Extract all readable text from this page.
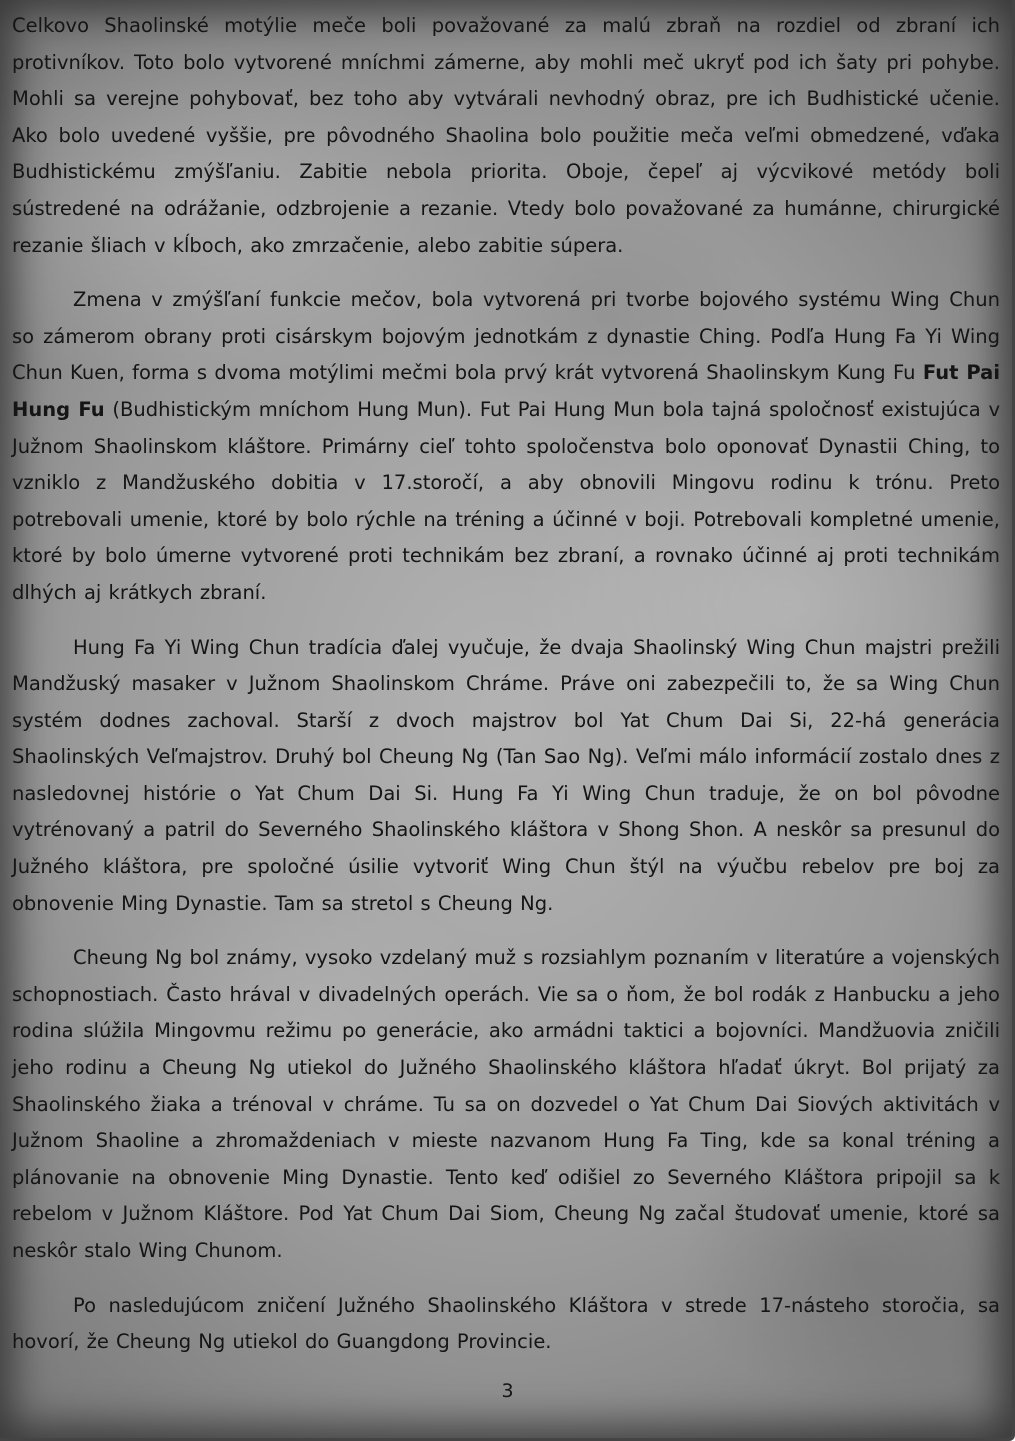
Celkovo Shaolinské motýlie meče boli považované za malú zbraň na rozdiel od zbraní ich protivníkov. Toto bolo vytvorené mníchmi zámerne, aby mohli meč ukryť pod ich šaty pri pohybe. Mohli sa verejne pohybovať, bez toho aby vytvárali nevhodný obraz, pre ich Budhistické učenie. Ako bolo uvedené vyššie, pre pôvodného Shaolina bolo použitie meča veľmi obmedzené, vďaka Budhistickému zmýšľaniu. Zabitie nebola priorita. Oboje, čepeľ aj výcvikové metódy boli sústredené na odrážanie, odzbrojenie a rezanie. Vtedy bolo považované za humánne, chirurgické rezanie šliach v kĺboch, ako zmrzačenie, alebo zabitie súpera.

Zmena v zmýšľaní funkcie mečov, bola vytvorená pri tvorbe bojového systému Wing Chun so zámerom obrany proti cisárskym bojovým jednotkám z dynastie Ching. Podľa Hung Fa Yi Wing Chun Kuen, forma s dvoma motýlimi mečmi bola prvý krát vytvorená Shaolinskym Kung Fu Fut Pai Hung Fu (Budhistickým mníchom Hung Mun). Fut Pai Hung Mun bola tajná spoločnosť existujúca v Južnom Shaolinskom kláštore. Primárny cieľ tohto spoločenstva bolo oponovať Dynastii Ching, to vzniklo z Mandžuského dobitia v 17.storočí, a aby obnovili Mingovu rodinu k trónu. Preto potrebovali umenie, ktoré by bolo rýchle na tréning a účinné v boji. Potrebovali kompletné umenie, ktoré by bolo úmerne vytvorené proti technikám bez zbraní, a rovnako účinné aj proti technikám dlhých aj krátkych zbraní.

Hung Fa Yi Wing Chun tradícia ďalej vyučuje, že dvaja Shaolinský Wing Chun majstri prežili Mandžuský masaker v Južnom Shaolinskom Chráme. Práve oni zabezpečili to, že sa Wing Chun systém dodnes zachoval. Starší z dvoch majstrov bol Yat Chum Dai Si, 22-há generácia Shaolinských Veľmajstrov. Druhý bol Cheung Ng (Tan Sao Ng). Veľmi málo informácií zostalo dnes z nasledovnej histórie o Yat Chum Dai Si. Hung Fa Yi Wing Chun traduje, že on bol pôvodne vytrénovaný a patril do Severného Shaolinského kláštora v Shong Shon. A neskôr sa presunul do Južného kláštora, pre spoločné úsilie vytvoriť Wing Chun štýl na výučbu rebelov pre boj za obnovenie Ming Dynastie. Tam sa stretol s Cheung Ng.

Cheung Ng bol známy, vysoko vzdelaný muž s rozsiahlym poznaním v literatúre a vojenských schopnostiach. Často hrával v divadelných operách. Vie sa o ňom, že bol rodák z Hanbucku a jeho rodina slúžila Mingovmu režimu po generácie, ako armádni taktici a bojovníci. Mandžuovia zničili jeho rodinu a Cheung Ng utiekol do Južného Shaolinského kláštora hľadať úkryt. Bol prijatý za Shaolinského žiaka a trénoval v chráme. Tu sa on dozvedel o Yat Chum Dai Siových aktivitách v Južnom Shaoline a zhromaždeniach v mieste nazvanom Hung Fa Ting, kde sa konal tréning a plánovanie na obnovenie Ming Dynastie. Tento keď odišiel zo Severného Kláštora pripojil sa k rebelom v Južnom Kláštore. Pod Yat Chum Dai Siom, Cheung Ng začal študovať umenie, ktoré sa neskôr stalo Wing Chunom.

Po nasledujúcom zničení Južného Shaolinského Kláštora v strede 17-násteho storočia, sa hovorí, že Cheung Ng utiekol do Guangdong Provincie.

3
